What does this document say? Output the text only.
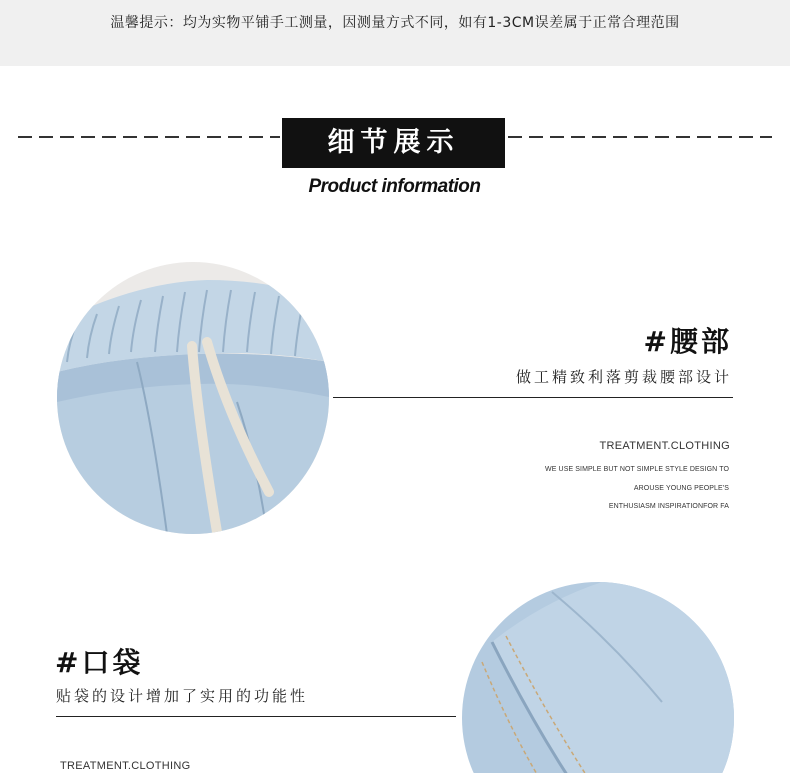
温馨提示：均为实物平铺手工测量，因测量方式不同，如有1-3CM误差属于正常合理范围
细节展示
Product information
#腰部
做工精致利落剪裁腰部设计
TREATMENT.CLOTHING
WE USE SIMPLE BUT NOT SIMPLE STYLE DESIGN TO
AROUSE YOUNG PEOPLE'S
ENTHUSIASM INSPIRATIONFOR FA
#口袋
贴袋的设计增加了实用的功能性
TREATMENT.CLOTHING
